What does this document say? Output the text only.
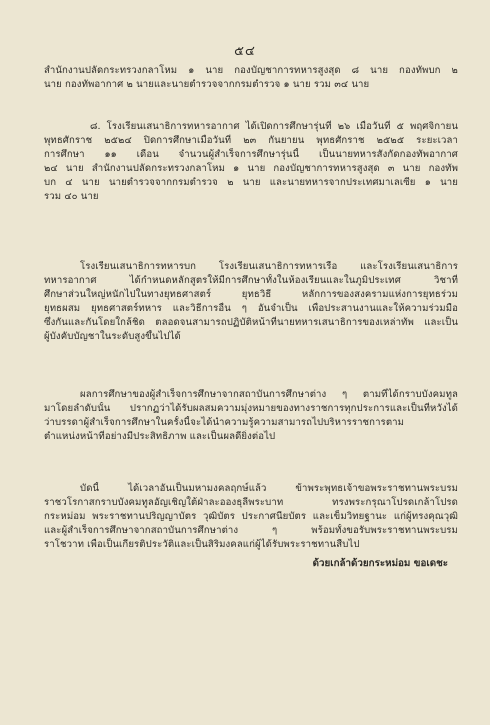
๕๔
สำนักงานปลัดกระทรวงกลาโหม ๑ นาย กองบัญชาการทหารสูงสุด ๘ นาย กองทัพบก ๒
นาย กองทัพอากาศ ๒ นายและนายตำรวจจากกรมตำรวจ ๑ นาย รวม ๓๔ นาย
๘. โรงเรียนเสนาธิการทหารอากาศ ได้เปิดการศึกษารุ่นที่ ๒๖ เมื่อวันที่ ๕ พฤศจิกายน
พุทธศักราช ๒๕๒๔ ปิดการศึกษาเมื่อวันที่ ๒๓ กันยายน พุทธศักราช ๒๕๒๕ ระยะเวลา
การศึกษา ๑๑ เดือน จำนวนผู้สำเร็จการศึกษารุ่นนี้ เป็นนายทหารสังกัดกองทัพอากาศ
๒๔ นาย สำนักงานปลัดกระทรวงกลาโหม ๑ นาย กองบัญชาการทหารสูงสุด ๓ นาย กองทัพ
บก ๔ นาย นายตำรวจจากกรมตำรวจ ๒ นาย และนายทหารจากประเทศมาเลเซีย ๑ นาย
รวม ๔๐ นาย
โรงเรียนเสนาธิการทหารบก โรงเรียนเสนาธิการทหารเรือ และโรงเรียนเสนาธิการ
ทหารอากาศ ได้กำหนดหลักสูตรให้มีการศึกษาทั้งในห้องเรียนและในภูมิประเทศ วิชาที่
ศึกษาส่วนใหญ่หนักไปในทางยุทธศาสตร์ ยุทธวิธี หลักการของสงครามแห่งการยุทธร่วม
ยุทธผสม ยุทธศาสตร์ทหาร และวิธีการอื่น ๆ อันจำเป็น เพื่อประสานงานและให้ความร่วมมือ
ซึ่งกันและกันโดยใกล้ชิด ตลอดจนสามารถปฏิบัติหน้าที่นายทหารเสนาธิการของเหล่าทัพ และเป็น
ผู้บังคับบัญชาในระดับสูงขึ้นไปได้
ผลการศึกษาของผู้สำเร็จการศึกษาจากสถาบันการศึกษาต่าง ๆ ตามที่ได้กราบบังคมทูล
มาโดยลำดับนั้น ปรากฏว่าได้รับผลสมความมุ่งหมายของทางราชการทุกประการและเป็นที่หวังได้
ว่าบรรดาผู้สำเร็จการศึกษาในครั้งนี้จะได้นำความรู้ความสามารถไปบริหารราชการตาม
ตำแหน่งหน้าที่อย่างมีประสิทธิภาพ และเป็นผลดียิ่งต่อไป
บัดนี้ ได้เวลาอันเป็นมหามงคลฤกษ์แล้ว ข้าพระพุทธเจ้าขอพระราชทานพระบรม
ราชวโรกาสกราบบังคมทูลอัญเชิญใต้ฝ่าละอองธุลีพระบาท ทรงพระกรุณาโปรดเกล้าโปรด
กระหม่อม พระราชทานปริญญาบัตร วุฒิบัตร ประกาศนียบัตร และเข็มวิทยฐานะ แก่ผู้ทรงคุณวุฒิ
และผู้สำเร็จการศึกษาจากสถาบันการศึกษาต่าง ๆ พร้อมทั้งขอรับพระราชทานพระบรม
ราโชวาท เพื่อเป็นเกียรติประวัติและเป็นสิริมงคลแก่ผู้ได้รับพระราชทานสืบไป
ด้วยเกล้าด้วยกระหม่อม ขอเดชะ
